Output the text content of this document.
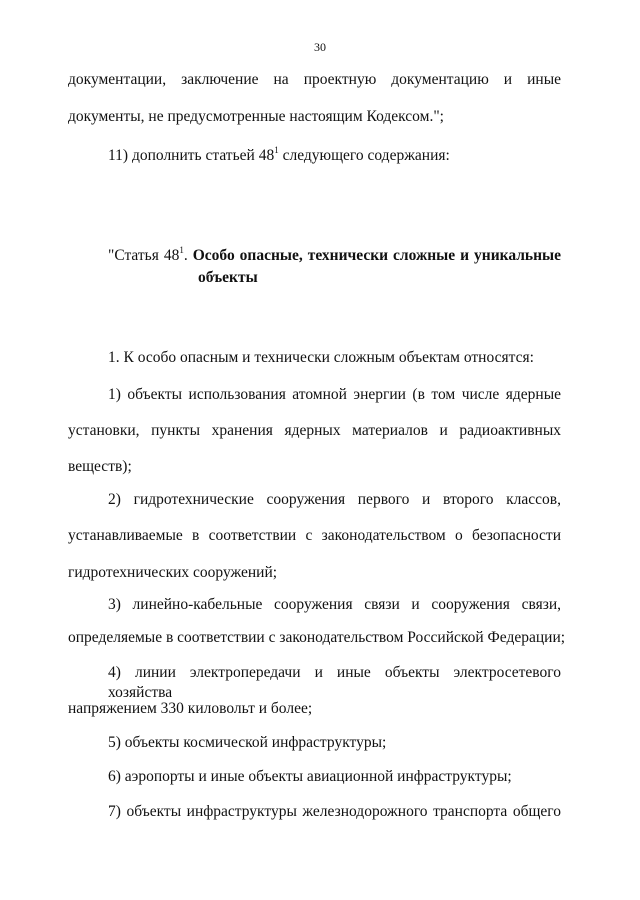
30
документации, заключение на проектную документацию и иные
документы, не предусмотренные настоящим Кодексом.";
11) дополнить статьей $48^1$ следующего содержания:
"Статья $48^1$. Особо опасные, технически сложные и уникальные
объекты
1. К особо опасным и технически сложным объектам относятся:
1) объекты использования атомной энергии (в том числе ядерные
установки, пункты хранения ядерных материалов и радиоактивных
веществ);
2) гидротехнические сооружения первого и второго классов,
устанавливаемые в соответствии с законодательством о безопасности
гидротехнических сооружений;
3) линейно-кабельные сооружения связи и сооружения связи,
определяемые в соответствии с законодательством Российской Федерации;
4) линии электропередачи и иные объекты электросетевого хозяйства
напряжением 330 киловольт и более;
5) объекты космической инфраструктуры;
6) аэропорты и иные объекты авиационной инфраструктуры;
7) объекты инфраструктуры железнодорожного транспорта общего
